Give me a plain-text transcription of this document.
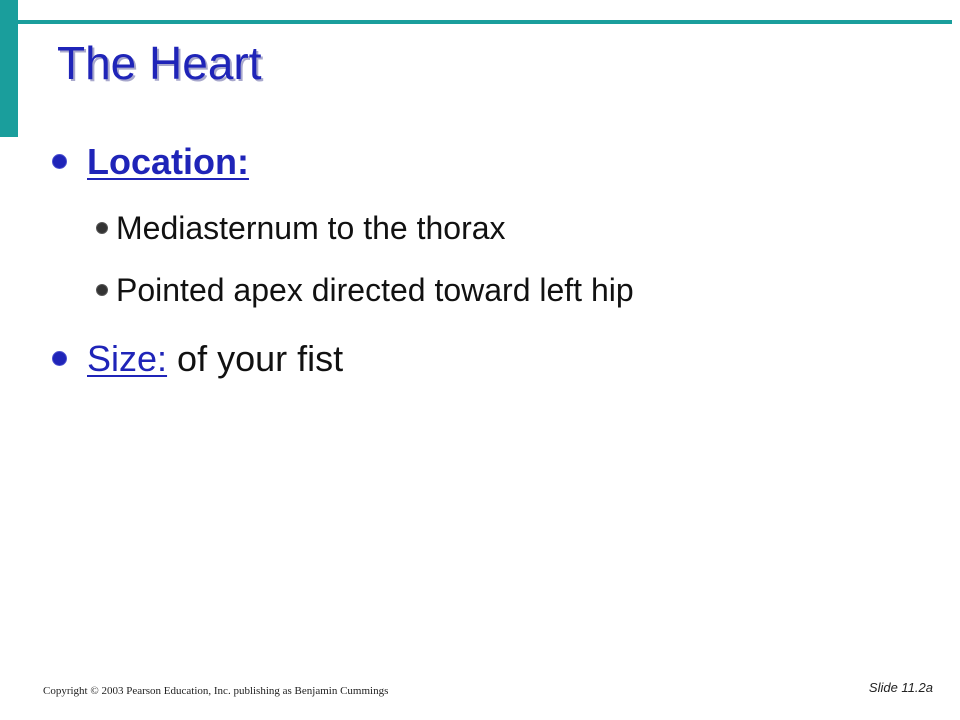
The Heart
Location:
Mediasternum to the thorax
Pointed apex directed toward left hip
Size: of your fist
Copyright © 2003 Pearson Education, Inc. publishing as Benjamin Cummings	Slide 11.2a
